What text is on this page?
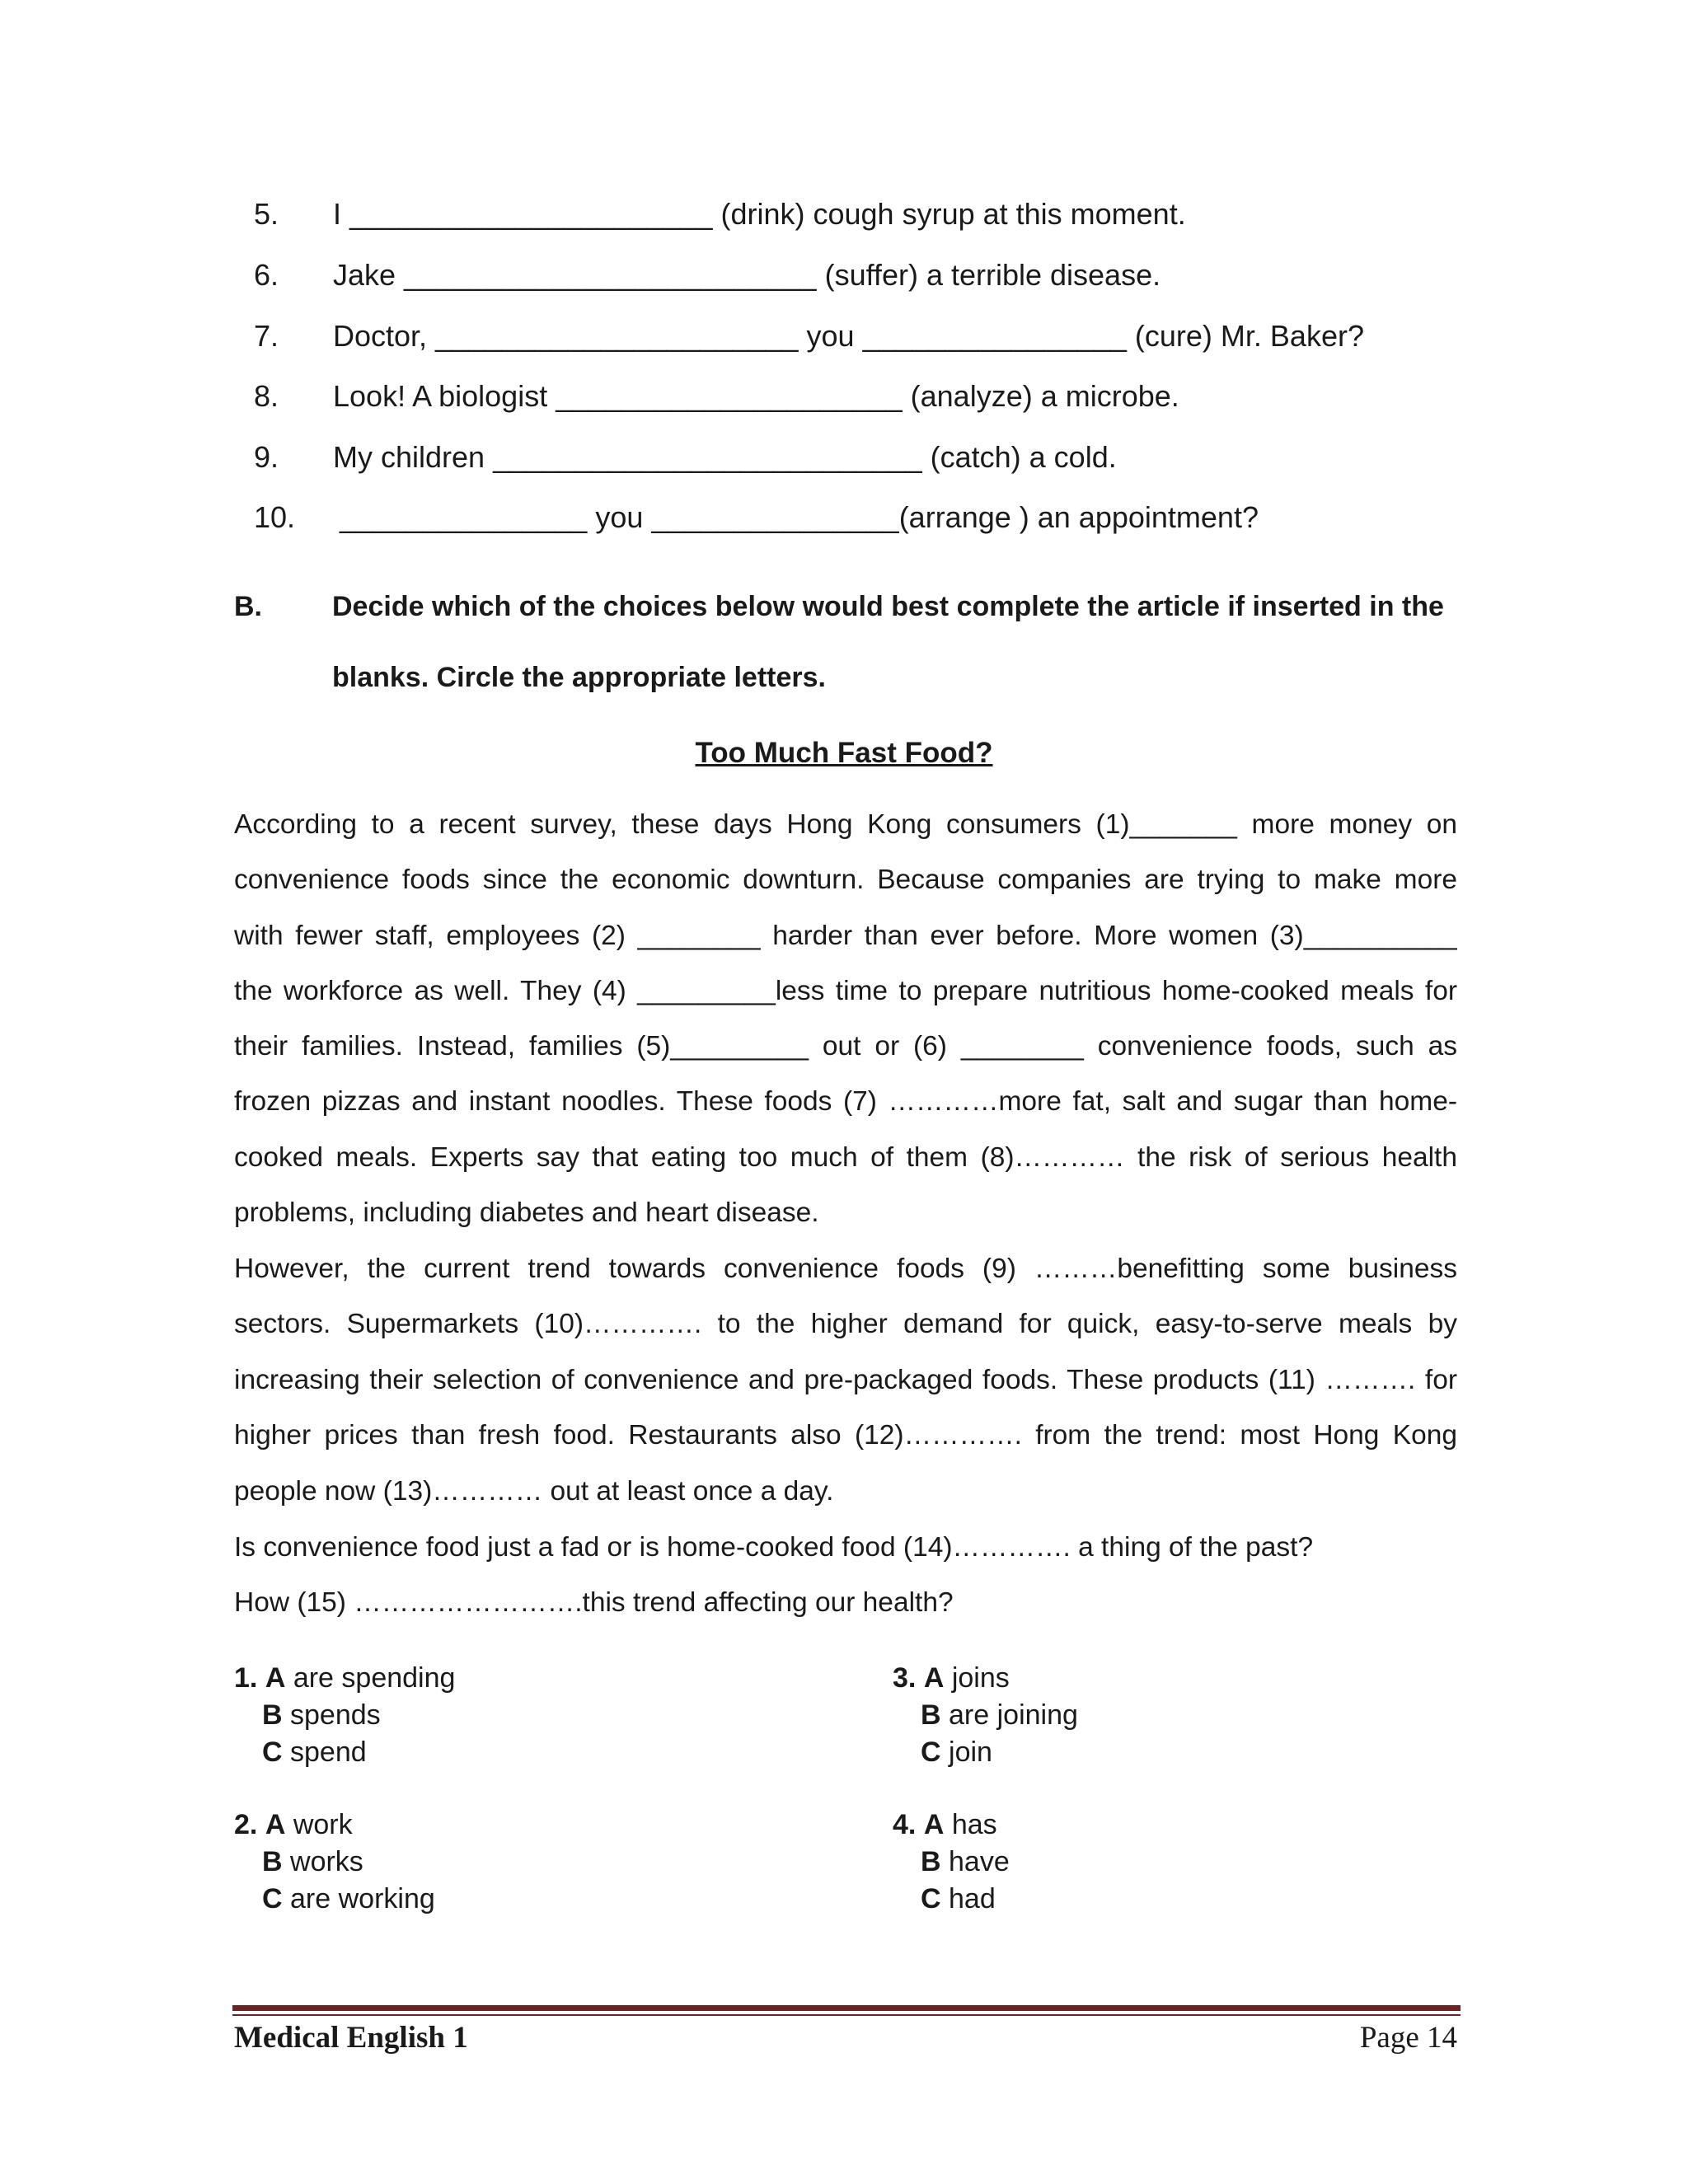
5. I ______________________ (drink) cough syrup at this moment.
6. Jake _________________________ (suffer) a terrible disease.
7. Doctor, ______________________ you ________________ (cure) Mr. Baker?
8. Look! A biologist _____________________ (analyze) a microbe.
9. My children __________________________ (catch) a cold.
10. _______________ you _______________(arrange ) an appointment?
B.	Decide which of the choices below would best complete the article if inserted in the
blanks. Circle the appropriate letters.
Too Much Fast Food?
According to a recent survey, these days Hong Kong consumers (1)_______ more money on
convenience foods since the economic downturn. Because companies are trying to make more
with fewer staff, employees (2) ________ harder than ever before. More women (3)__________
the workforce as well. They (4) _________less time to prepare nutritious home-cooked meals for
their families. Instead, families (5)_________ out or (6) ________ convenience foods, such as
frozen pizzas and instant noodles. These foods (7) …………more fat, salt and sugar than home-
cooked meals. Experts say that eating too much of them (8)………… the risk of serious health
problems, including diabetes and heart disease.
However, the current trend towards convenience foods (9) ………benefitting some business
sectors. Supermarkets (10)…………. to the higher demand for quick, easy-to-serve meals by
increasing their selection of convenience and pre-packaged foods. These products (11) ………. for
higher prices than fresh food. Restaurants also (12)…………. from the trend: most Hong Kong
people now (13)………… out at least once a day.
Is convenience food just a fad or is home-cooked food (14)…………. a thing of the past?
How (15) …………………….this trend affecting our health?
1. A are spending
B spends
C spend
2. A work
B works
C are working
3. A joins
B are joining
C join
4. A has
B have
C had
Medical English 1	Page 14
